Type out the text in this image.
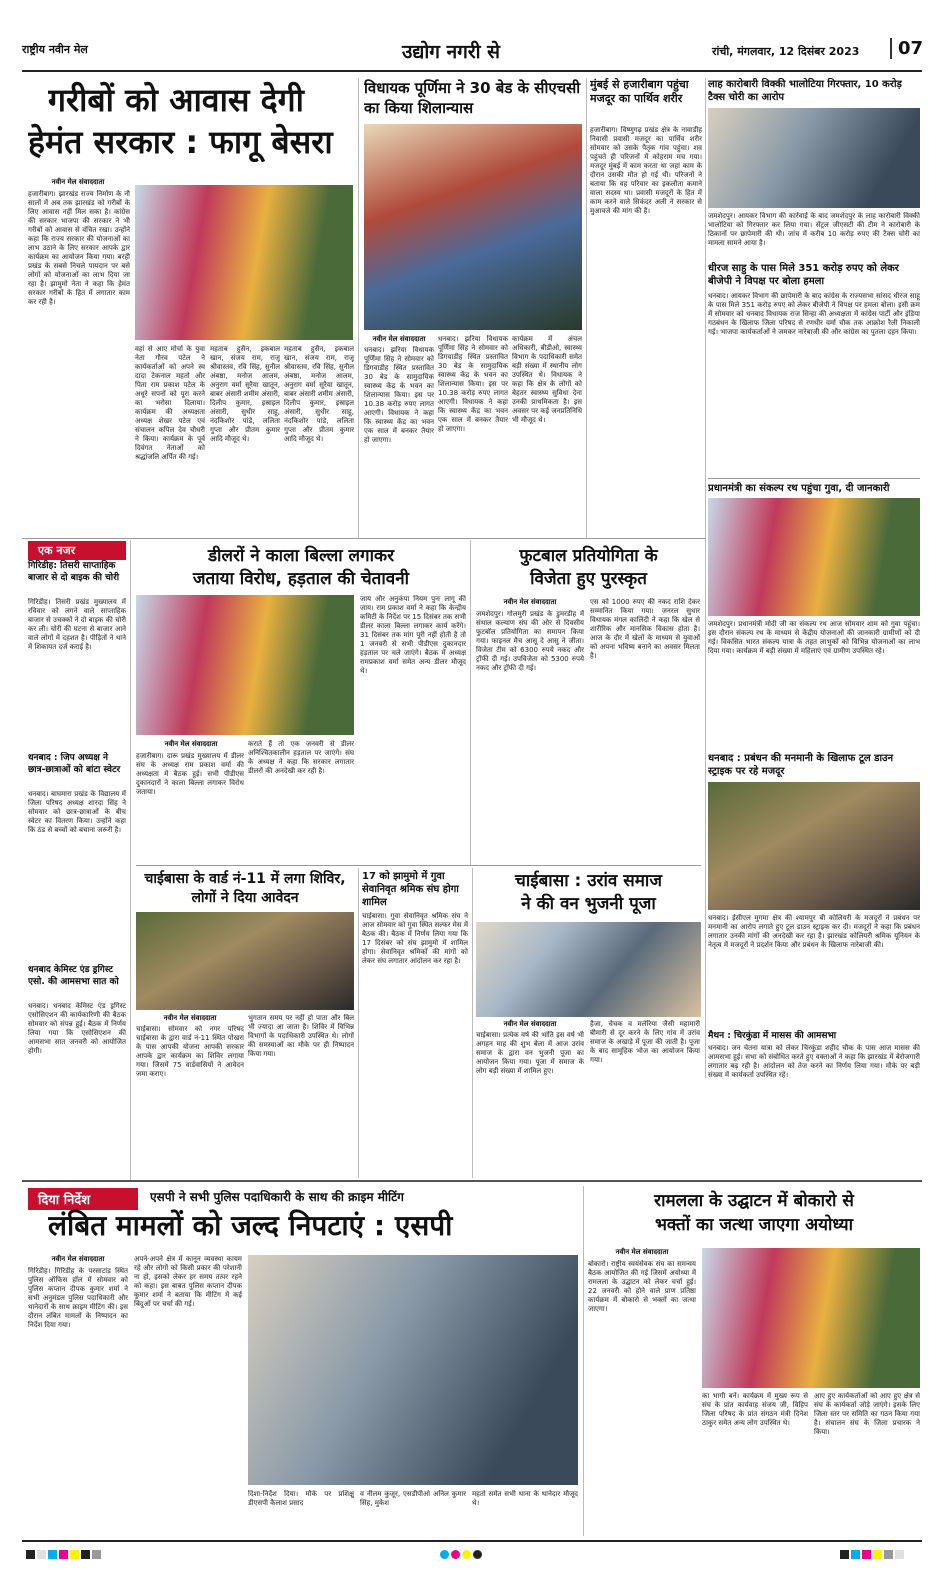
राष्ट्रीय नवीन मेल	उद्योग नगरी से	रांची, मंगलवार, 12 दिसंबर 2023	07
गरीबों को आवास देगी
हेमंत सरकार : फागू बेसरा
नवीन मेल संवाददाता
हजारीबाग। झारखंड राज्य निर्माण के नौ सालों में अब तक झारखंड को गरीबों के लिए आवास नहीं मिल सका है। कांग्रेस की सरकार भाजपा की सरकार ने भी गरीबों को आवास से वंचित रखा। उन्होंने कहा कि राज्य सरकार की योजनाओं का लाभ उठाने के लिए सरकार आपके द्वार कार्यक्रम का आयोजन किया गया। बरही प्रखंड के सबसे निचले पायदान पर बसे लोगों को योजनाओं का लाभ दिया जा रहा है। झामुमो नेता ने कहा कि हेमंत सरकार गरीबों के हित में लगातार काम कर रही है।
वहां से आए मोर्चा के युवा नेता गौरव पटेल ने कार्यकर्ताओं को अपने स्व दादा टेकनाल महतो और पिता राम प्रकाश पटेल के अधूरे सपनों को पूरा करने का भरोसा दिलाया। कार्यक्रम की अध्यक्षता अध्यक्ष शेखर पटेल एवं संचालन कपिल देव चौधरी ने किया। कार्यक्रम के पूर्व दिवंगत नेताओं को श्रद्धांजलि अर्पित की गई।
महताब हुसैन, इकबाल खान, संजय राम, राजू श्रीवास्तव, रवि सिंह, सुनील अंबष्ठा, मनोज आलम, अनुराग वर्मा सूरैया खातून, बाबर अंसारी शमीम अंसारी, दिलीप कुमार, इस्राइल अंसारी, सुधीर साहू, नंदकिशोर पांडे, ललिता गुप्ता और प्रीतम कुमार आदि मौजूद थे।
महताब हुसैन, इकबाल खान, संजय राम, राजू श्रीवास्तव, रवि सिंह, सुनील अंबष्ठा, मनोज आलम, अनुराग वर्मा सूरैया खातून, बाबर अंसारी शमीम अंसारी, दिलीप कुमार, इस्राइल अंसारी, सुधीर साहू, नंदकिशोर पांडे, ललिता गुप्ता और प्रीतम कुमार आदि मौजूद थे।
विधायक पूर्णिमा ने 30 बेड के सीएचसी का किया शिलान्यास
नवीन मेल संवाददाता
धनबाद। झरिया विधायक पूर्णिमा सिंह ने सोमवार को डिगवाडीह स्थित प्रस्तावित 30 बेड के सामुदायिक स्वास्थ्य केंद्र के भवन का शिलान्यास किया। इस पर 10.38 करोड़ रुपए लागत आएगी। विधायक ने कहा कि स्वास्थ्य केंद्र का भवन एक साल में बनकर तैयार हो जाएगा।
धनबाद। झरिया विधायक पूर्णिमा सिंह ने सोमवार को डिगवाडीह स्थित प्रस्तावित 30 बेड के सामुदायिक स्वास्थ्य केंद्र के भवन का शिलान्यास किया। इस पर 10.38 करोड़ रुपए लागत आएगी। विधायक ने कहा कि स्वास्थ्य केंद्र का भवन एक साल में बनकर तैयार हो जाएगा।
कार्यक्रम में अंचल अधिकारी, बीडीओ, स्वास्थ्य विभाग के पदाधिकारी समेत बड़ी संख्या में स्थानीय लोग उपस्थित थे। विधायक ने कहा कि क्षेत्र के लोगों को बेहतर स्वास्थ्य सुविधा देना उनकी प्राथमिकता है। इस अवसर पर कई जनप्रतिनिधि भी मौजूद थे।
मुंबई से हजारीबाग पहुंचा मजदूर का पार्थिव शरीर
हजारीबाग। विष्णुगढ़ प्रखंड क्षेत्र के नावाडीह निवासी प्रवासी मजदूर का पार्थिव शरीर सोमवार को उसके पैतृक गांव पहुंचा। शव पहुंचते ही परिजनों में कोहराम मच गया। मजदूर मुंबई में काम करता था जहां काम के दौरान उसकी मौत हो गई थी। परिजनों ने बताया कि वह परिवार का इकलौता कमाने वाला सदस्य था। प्रवासी मजदूरों के हित में काम करने वाले सिकंदर अली ने सरकार से मुआवजे की मांग की है।
लाह कारोबारी विक्की भालोटिया गिरफ्तार, 10 करोड़ टैक्स चोरी का आरोप
जमशेदपुर। आयकर विभाग की कार्रवाई के बाद जमशेदपुर के लाह कारोबारी विक्की भालोटिया को गिरफ्तार कर लिया गया। सेंट्रल जीएसटी की टीम ने कारोबारी के ठिकानों पर छापेमारी की थी। जांच में करीब 10 करोड़ रुपए की टैक्स चोरी का मामला सामने आया है।
धीरज साहु के पास मिले 351 करोड़ रुपए को लेकर बीजेपी ने विपक्ष पर बोला हमला
धनबाद। आयकर विभाग की छापेमारी के बाद कांग्रेस के राज्यसभा सांसद धीरज साहू के पास मिले 351 करोड़ रुपए को लेकर बीजेपी ने विपक्ष पर हमला बोला। इसी क्रम में सोमवार को धनबाद विधायक राज सिन्हा की अध्यक्षता में कांग्रेस पार्टी और इंडिया गठबंधन के खिलाफ जिला परिषद से रणधीर वर्मा चौक तक आक्रोश रैली निकाली गई। भाजपा कार्यकर्ताओं ने जमकर नारेबाजी की और कांग्रेस का पुतला दहन किया।
प्रधानमंत्री का संकल्प रथ पहुंचा गुवा, दी जानकारी
जमशेदपुर। प्रधानमंत्री मोदी जी का संकल्प रथ आज सोमवार शाम को गुवा पहुंचा। इस दौरान संकल्प रथ के माध्यम से केंद्रीय योजनाओं की जानकारी ग्रामीणों को दी गई। विकसित भारत संकल्प यात्रा के तहत लाभुकों को विभिन्न योजनाओं का लाभ दिया गया। कार्यक्रम में बड़ी संख्या में महिलाएं एवं ग्रामीण उपस्थित रहे।
धनबाद : प्रबंधन की मनमानी के खिलाफ टूल डाउन स्ट्राइक पर रहे मजदूर
धनबाद। ईसीएल मुगमा क्षेत्र की श्यामपुर बी कोलियरी के मजदूरों ने प्रबंधन पर मनमानी का आरोप लगाते हुए टूल डाउन स्ट्राइक कर दी। मजदूरों ने कहा कि प्रबंधन लगातार उनकी मांगों की अनदेखी कर रहा है। झारखंड कोलियरी श्रमिक यूनियन के नेतृत्व में मजदूरों ने प्रदर्शन किया और प्रबंधन के खिलाफ नारेबाजी की।
मैथन : चिरकुंडा में मासस की आमसभा
धनबाद। जन चेतना यात्रा को लेकर चिरकुंडा शहीद चौक के पास आज मासस की आमसभा हुई। सभा को संबोधित करते हुए वक्ताओं ने कहा कि झारखंड में बेरोजगारी लगातार बढ़ रही है। आंदोलन को तेज करने का निर्णय लिया गया। मौके पर बड़ी संख्या में कार्यकर्ता उपस्थित रहे।
एक नजर
गिरिडीह: तिसरी साप्ताहिक बाजार से दो बाइक की चोरी
गिरिडीह। तिसरी प्रखंड मुख्यालय में रविवार को लगने वाले साप्ताहिक बाजार से उचक्कों ने दो बाइक की चोरी कर ली। चोरी की घटना से बाजार आने वाले लोगों में दहशत है। पीड़ितों ने थाने में शिकायत दर्ज कराई है।
धनबाद : जिप अध्यक्ष ने छात्र-छात्राओं को बांटा स्वेटर
धनबाद। बाघमारा प्रखंड के विद्यालय में जिला परिषद अध्यक्ष शारदा सिंह ने सोमवार को छात्र-छात्राओं के बीच स्वेटर का वितरण किया। उन्होंने कहा कि ठंड से बच्चों को बचाना जरूरी है।
धनबाद केमिस्ट एंड ड्रगिस्ट एसो. की आमसभा सात को
धनबाद। धनबाद केमिस्ट एंड ड्रगिस्ट एसोसिएशन की कार्यकारिणी की बैठक सोमवार को संपन्न हुई। बैठक में निर्णय लिया गया कि एसोसिएशन की आमसभा सात जनवरी को आयोजित होगी।
डीलरों ने काला बिल्ला लगाकर
जताया विरोध, हड़ताल की चेतावनी
नवीन मेल संवाददाता
हजारीबाग। दारू प्रखंड मुख्यालय में डीलर संघ के अध्यक्ष राम प्रकाश वर्मा की अध्यक्षता में बैठक हुई। सभी पीडीएस दुकानदारों ने काला बिल्ला लगाकर विरोध जताया।
कराते हैं तो एक जनवरी से डीलर अनिश्चितकालीन हड़ताल पर जाएंगे। संघ के अध्यक्ष ने कहा कि सरकार लगातार डीलरों की अनदेखी कर रही है।
जाय और अनुकंपा नियम पुनः लागू की जाय। राम प्रकाश वर्मा ने कहा कि केन्द्रीय कमिटी के निर्देश पर 15 दिसंबर तक सभी डीलर काला बिल्ला लगाकर कार्य करेंगे। 31 दिसंबर तक मांग पूरी नहीं होती है तो 1 जनवरी से सभी पीडीएस दुकानदार हड़ताल पर चले जाएंगे। बैठक में अध्यक्ष रामप्रकाश वर्मा समेत अन्य डीलर मौजूद थे।
फुटबाल प्रतियोगिता के
विजेता हुए पुरस्कृत
नवीन मेल संवाददाता
जमशेदपुर। गोलमुरी प्रखंड के डुमरडीह में संथाल कल्याण संघ की ओर से दिवसीय फुटबॉल प्रतियोगिता का समापन किया गया। फाइनल मैच आसू दे आसु ने जीता। विजेता टीम को 6300 रुपये नकद और ट्रॉफी दी गई। उपविजेता को 5300 रुपये नकद और ट्रॉफी दी गई।
एस को 1000 रुपए की नकद राशि देकर सम्मानित किया गया। जनरल सुधार विधायक मंगल कालिंदी ने कहा कि खेल से शारीरिक और मानसिक विकास होता है। आज के दौर में खेलों के माध्यम से युवाओं को अपना भविष्य बनाने का अवसर मिलता है।
चाईबासा के वार्ड नं-11 में लगा शिविर, लोगों ने दिया आवेदन
नवीन मेल संवाददाता
चाईबासा। सोमवार को नगर परिषद चाईबासा के द्वारा वार्ड नं-11 स्थित पोखरा के पास आपकी योजना आपकी सरकार आपके द्वार कार्यक्रम का शिविर लगाया गया। जिसमें 75 वार्डवासियों ने आवेदन जमा कराए।
भुगतान समय पर नहीं हो पाता और बिल भी ज्यादा आ जाता है। शिविर में विभिन्न विभागों के पदाधिकारी उपस्थित थे। लोगों की समस्याओं का मौके पर ही निष्पादन किया गया।
17 को झामुमो में गुवा सेवानिवृत श्रमिक संघ होगा शामिल
चाईबासा। गुवा सेवानिवृत श्रमिक संघ ने आज सोमवार को गुवा स्थित सल्फर मेस में बैठक की। बैठक में निर्णय लिया गया कि 17 दिसंबर को संघ झामुमो में शामिल होगा। सेवानिवृत श्रमिकों की मांगों को लेकर संघ लगातार आंदोलन कर रहा है।
चाईबासा : उरांव समाज
ने की वन भुजनी पूजा
नवीन मेल संवाददाता
चाईबासा। प्रत्येक वर्ष की भांति इस वर्ष भी अगहन माह की शुभ बेला में आज उरांव समाज के द्वारा वन भुजनी पूजा का आयोजन किया गया। पूजा में समाज के लोग बड़ी संख्या में शामिल हुए।
हैजा, चेचक व मलेरिया जैसी महामारी बीमारी से दूर करने के लिए गांव में उरांव समाज के अखाड़े में पूजा की जाती है। पूजा के बाद सामूहिक भोज का आयोजन किया गया।
दिया निर्देश	एसपी ने सभी पुलिस पदाधिकारी के साथ की क्राइम मीटिंग
लंबित मामलों को जल्द निपटाएं : एसपी
नवीन मेल संवाददाता
गिरिडीह। गिरिडीह के परसाटांड़ स्थित पुलिस ऑफिस हॉल में सोमवार को पुलिस कप्तान दीपक कुमार शर्मा ने सभी अनुमंडल पुलिस पदाधिकारी और थानेदारों के साथ क्राइम मीटिंग की। इस दौरान लंबित मामलों के निष्पादन का निर्देश दिया गया।
अपने-अपने क्षेत्र में कानून व्यवस्था कायम रहे और लोगों को किसी प्रकार की परेशानी ना हो, इसको लेकर हर समय तत्पर रहने को कहा। इस बाबत पुलिस कप्तान दीपक कुमार शर्मा ने बताया कि मीटिंग में कई बिंदुओं पर चर्चा की गई।
दिशा-निर्देश दिया। मौके पर प्रशिक्षु डीएसपी कैलाश प्रसाद
व नीलम कुजूर, एसडीपीओ अनिल कुमार सिंह, मुकेश
महतो समेत सभी थाना के थानेदार मौजूद थे।
रामलला के उद्घाटन में बोकारो से
भक्तों का जत्था जाएगा अयोध्या
नवीन मेल संवाददाता
बोकारो। राष्ट्रीय स्वयंसेवक संघ का समन्वय बैठक आयोजित की गई जिसमें अयोध्या में रामलला के उद्घाटन को लेकर चर्चा हुई। 22 जनवरी को होने वाले प्राण प्रतिष्ठा कार्यक्रम में बोकारो से भक्तों का जत्था जाएगा।
का भागी बनें। कार्यक्रम में मुख्य रूप से संघ के प्रांत कार्यवाह संजय जी, विहिप जिला परिषद के प्रांत संगठन मंत्री दिनेश ठाकुर समेत अन्य लोग उपस्थित थे।
आए हुए कार्यकर्ताओं को आए हुए क्षेत्र से संघ के कार्यकर्ता जोड़े जाएंगे। इसके लिए जिला स्तर पर समिति का गठन किया गया है। संचालन संघ के जिला प्रचारक ने किया।
